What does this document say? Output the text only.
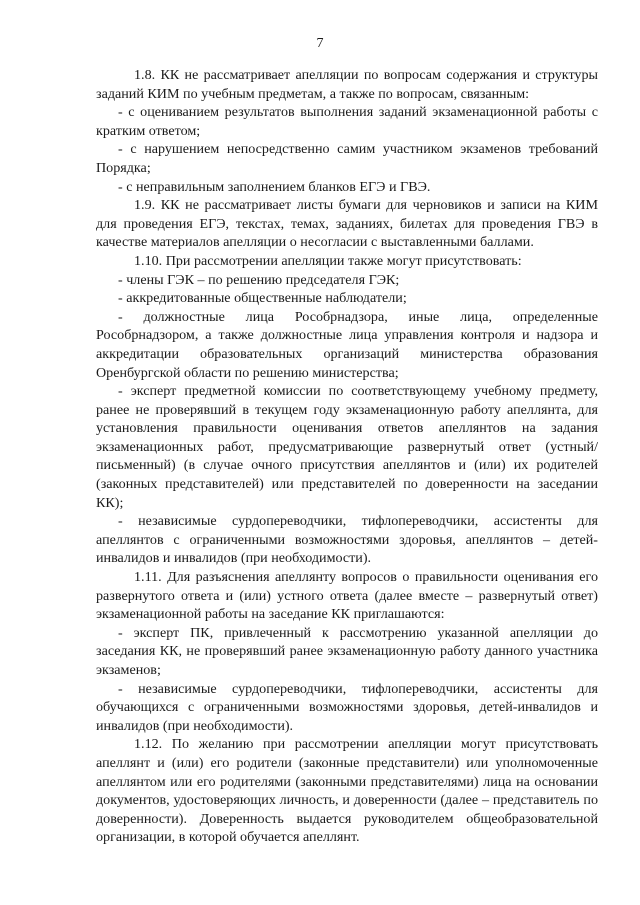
7

1.8. КК не рассматривает апелляции по вопросам содержания и структуры заданий КИМ по учебным предметам, а также по вопросам, связанным:

- с оцениванием результатов выполнения заданий экзаменационной работы с кратким ответом;

- с нарушением непосредственно самим участником экзаменов требований Порядка;

- с неправильным заполнением бланков ЕГЭ и ГВЭ.

1.9. КК не рассматривает листы бумаги для черновиков и записи на КИМ для проведения ЕГЭ, текстах, темах, заданиях, билетах для проведения ГВЭ в качестве материалов апелляции о несогласии с выставленными баллами.

1.10. При рассмотрении апелляции также могут присутствовать:

- члены ГЭК – по решению председателя ГЭК;

- аккредитованные общественные наблюдатели;

- должностные лица Рособрнадзора, иные лица, определенные Рособрнадзором, а также должностные лица управления контроля и надзора и аккредитации образовательных организаций министерства образования Оренбургской области по решению министерства;

- эксперт предметной комиссии по соответствующему учебному предмету, ранее не проверявший в текущем году экзаменационную работу апеллянта, для установления правильности оценивания ответов апеллянтов на задания экзаменационных работ, предусматривающие развернутый ответ (устный/письменный) (в случае очного присутствия апеллянтов и (или) их родителей (законных представителей) или представителей по доверенности на заседании КК);

- независимые сурдопереводчики, тифлопереводчики, ассистенты для апеллянтов с ограниченными возможностями здоровья, апеллянтов – детей-инвалидов и инвалидов (при необходимости).

1.11. Для разъяснения апеллянту вопросов о правильности оценивания его развернутого ответа и (или) устного ответа (далее вместе – развернутый ответ) экзаменационной работы на заседание КК приглашаются:

- эксперт ПК, привлеченный к рассмотрению указанной апелляции до заседания КК, не проверявший ранее экзаменационную работу данного участника экзаменов;

- независимые сурдопереводчики, тифлопереводчики, ассистенты для обучающихся с ограниченными возможностями здоровья, детей-инвалидов и инвалидов (при необходимости).

1.12. По желанию при рассмотрении апелляции могут присутствовать апеллянт и (или) его родители (законные представители) или уполномоченные апеллянтом или его родителями (законными представителями) лица на основании документов, удостоверяющих личность, и доверенности (далее – представитель по доверенности). Доверенность выдается руководителем общеобразовательной организации, в которой обучается апеллянт.
